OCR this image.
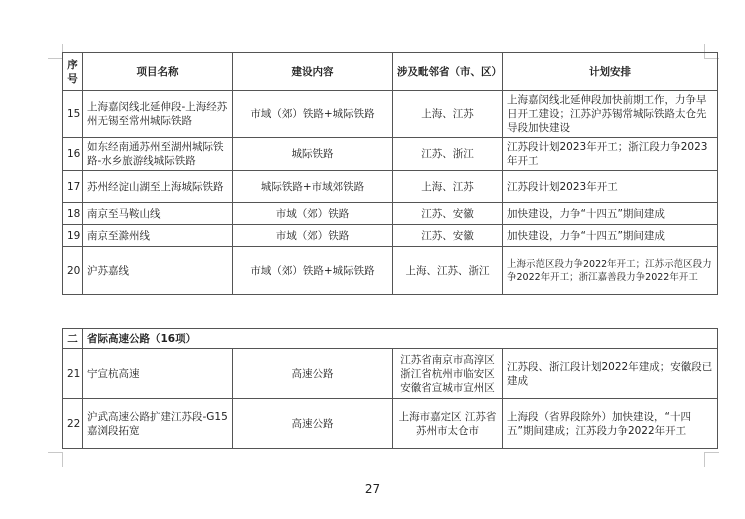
序号	项目名称	建设内容	涉及毗邻省（市、区）	计划安排
15	上海嘉闵线北延伸段-上海经苏州无锡至常州城际铁路	市域（郊）铁路+城际铁路	上海、江苏	上海嘉闵线北延伸段加快前期工作，力争早日开工建设；江苏沪苏锡常城际铁路太仓先导段加快建设
16	如东经南通苏州至湖州城际铁路-水乡旅游线城际铁路	城际铁路	江苏、浙江	江苏段计划2023年开工；浙江段力争2023年开工
17	苏州经淀山湖至上海城际铁路	城际铁路+市域郊铁路	上海、江苏	江苏段计划2023年开工
18	南京至马鞍山线	市域（郊）铁路	江苏、安徽	加快建设，力争“十四五”期间建成
19	南京至滁州线	市域（郊）铁路	江苏、安徽	加快建设，力争“十四五”期间建成
20	沪苏嘉线	市域（郊）铁路+城际铁路	上海、江苏、浙江	上海示范区段力争2022年开工；江苏示范区段力争2022年开工；浙江嘉善段力争2022年开工
二	省际高速公路（16项）			
21	宁宣杭高速	高速公路	江苏省南京市高淳区 浙江省杭州市临安区 安徽省宣城市宣州区	江苏段、浙江段计划2022年建成；安徽段已建成
22	沪武高速公路扩建江苏段-G15嘉浏段拓宽	高速公路	上海市嘉定区 江苏省苏州市太仓市	上海段（省界段除外）加快建设，“十四五”期间建成；江苏段力争2022年开工
27
